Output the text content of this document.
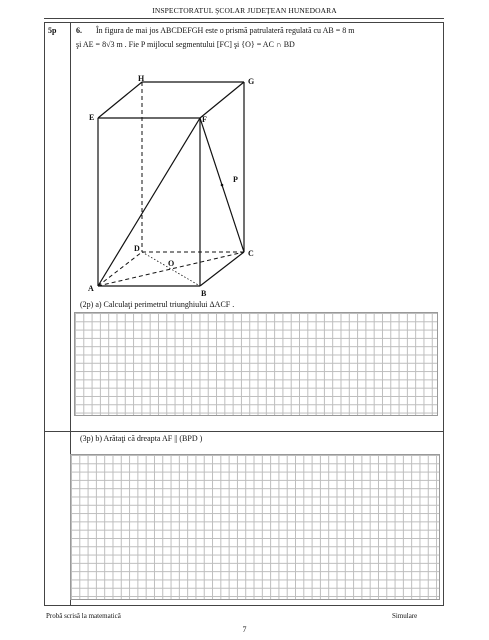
INSPECTORATUL ŞCOLAR JUDEŢEAN HUNEDOARA
5p 6. În figura de mai jos ABCDEFGH este o prismă patrulateră regulată cu AB = 8 m
şi AE = 8√3 m . Fie P mijlocul segmentului [FC] şi {O} = AC ∩ BD
A
B
C
D
E	F
G
H
O
P
(2p) a) Calculaţi perimetrul triunghiului ΔACF .
(3p) b) Arătaţi că dreapta AF || (BPD )
Probă scrisă la matematică	Simulare
7
